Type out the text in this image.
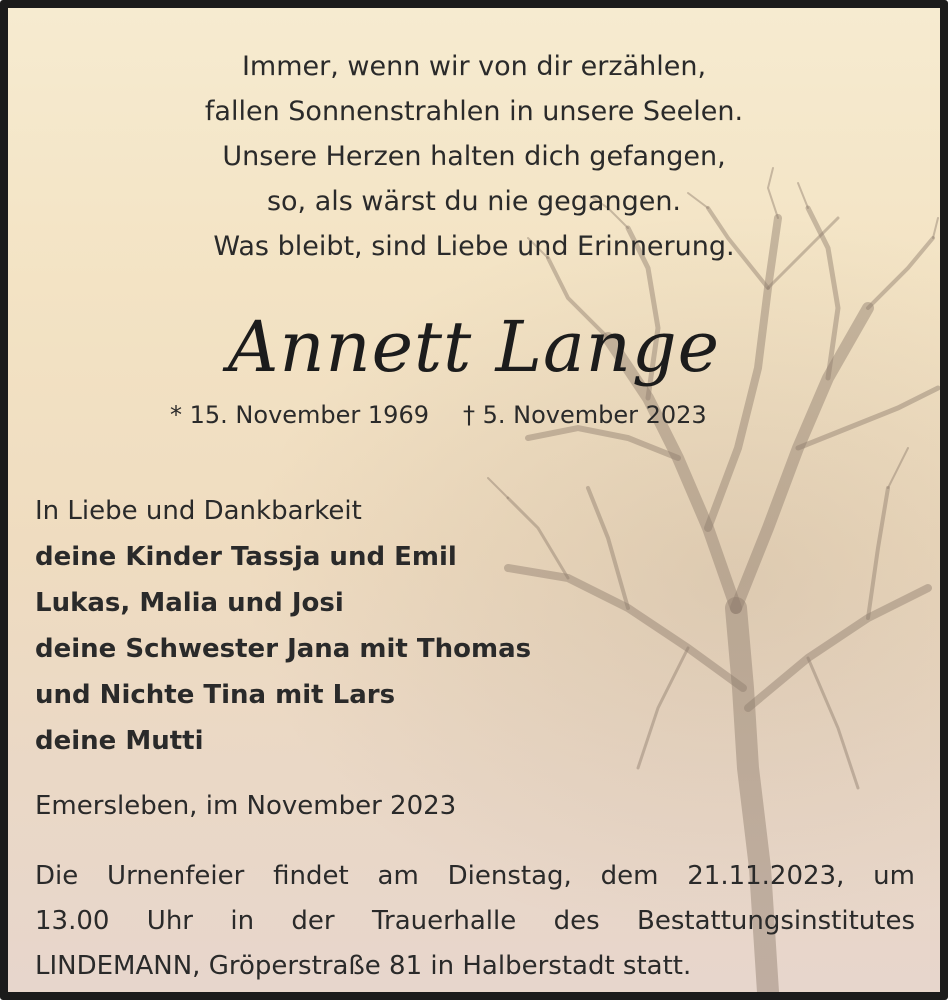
Immer, wenn wir von dir erzählen,
fallen Sonnenstrahlen in unsere Seelen.
Unsere Herzen halten dich gefangen,
so, als wärst du nie gegangen.
Was bleibt, sind Liebe und Erinnerung.
Annett Lange
* 15. November 1969 † 5. November 2023
In Liebe und Dankbarkeit
deine Kinder Tassja und Emil
Lukas, Malia und Josi
deine Schwester Jana mit Thomas
und Nichte Tina mit Lars
deine Mutti
Emersleben, im November 2023
Die Urnenfeier findet am Dienstag, dem 21.11.2023, um
13.00 Uhr in der Trauerhalle des Bestattungsinstitutes
LINDEMANN, Gröperstraße 81 in Halberstadt statt.
